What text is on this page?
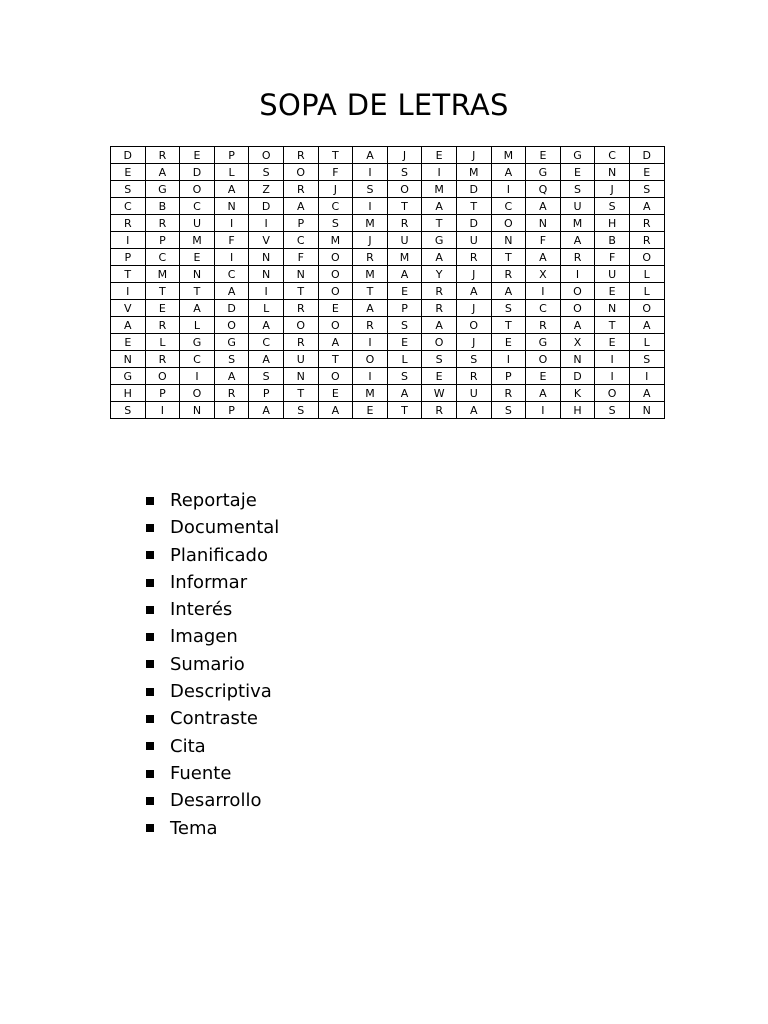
SOPA DE LETRAS
D	R	E	P	O	R	T	A	J	E	J	M	E	G	C	D
E	A	D	L	S	O	F	I	S	I	M	A	G	E	N	E
S	G	O	A	Z	R	J	S	O	M	D	I	Q	S	J	S
C	B	C	N	D	A	C	I	T	A	T	C	A	U	S	A
R	R	U	I	I	P	S	M	R	T	D	O	N	M	H	R
I	P	M	F	V	C	M	J	U	G	U	N	F	A	B	R
P	C	E	I	N	F	O	R	M	A	R	T	A	R	F	O
T	M	N	C	N	N	O	M	A	Y	J	R	X	I	U	L
I	T	T	A	I	T	O	T	E	R	A	A	I	O	E	L
V	E	A	D	L	R	E	A	P	R	J	S	C	O	N	O
A	R	L	O	A	O	O	R	S	A	O	T	R	A	T	A
E	L	G	G	C	R	A	I	E	O	J	E	G	X	E	L
N	R	C	S	A	U	T	O	L	S	S	I	O	N	I	S
G	O	I	A	S	N	O	I	S	E	R	P	E	D	I	I
H	P	O	R	P	T	E	M	A	W	U	R	A	K	O	A
S	I	N	P	A	S	A	E	T	R	A	S	I	H	S	N
Reportaje
Documental
Planificado
Informar
Interés
Imagen
Sumario
Descriptiva
Contraste
Cita
Fuente
Desarrollo
Tema
